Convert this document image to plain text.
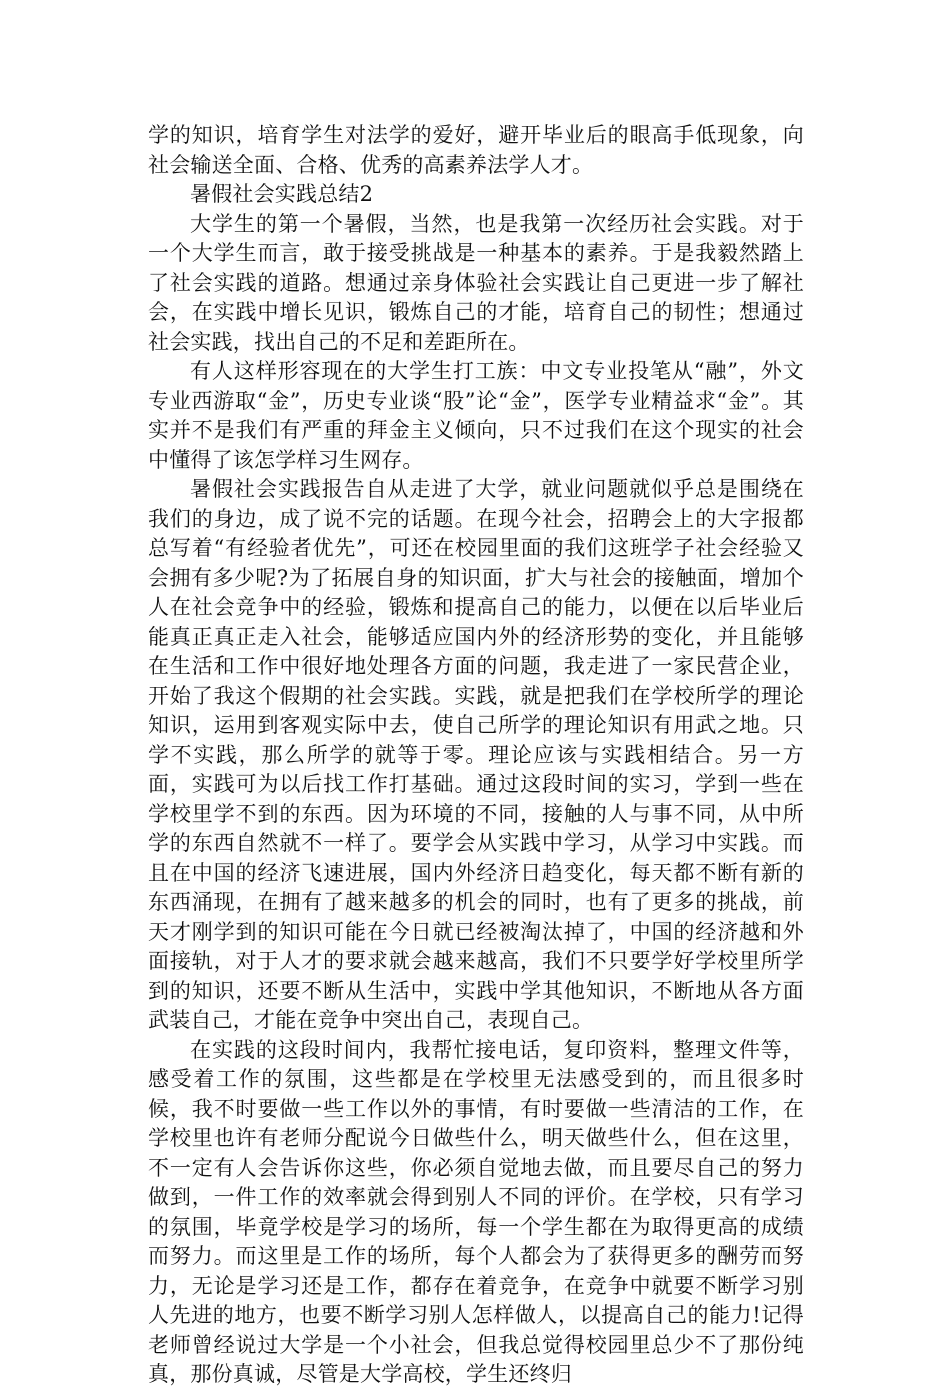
学的知识，培育学生对法学的爱好，避开毕业后的眼高手低现象，向社会输送全面、合格、优秀的高素养法学人才。

暑假社会实践总结2

大学生的第一个暑假，当然，也是我第一次经历社会实践。对于一个大学生而言，敢于接受挑战是一种基本的素养。于是我毅然踏上了社会实践的道路。想通过亲身体验社会实践让自己更进一步了解社会，在实践中增长见识，锻炼自己的才能，培育自己的韧性；想通过社会实践，找出自己的不足和差距所在。

有人这样形容现在的大学生打工族：中文专业投笔从“融”，外文专业西游取“金”，历史专业谈“股”论“金”，医学专业精益求“金”。其实并不是我们有严重的拜金主义倾向，只不过我们在这个现实的社会中懂得了该怎学样习生网存。

暑假社会实践报告自从走进了大学，就业问题就似乎总是围绕在我们的身边，成了说不完的话题。在现今社会，招聘会上的大字报都总写着“有经验者优先”，可还在校园里面的我们这班学子社会经验又会拥有多少呢?为了拓展自身的知识面，扩大与社会的接触面，增加个人在社会竞争中的经验，锻炼和提高自己的能力，以便在以后毕业后能真正真正走入社会，能够适应国内外的经济形势的变化，并且能够在生活和工作中很好地处理各方面的问题，我走进了一家民营企业，开始了我这个假期的社会实践。实践，就是把我们在学校所学的理论知识，运用到客观实际中去，使自己所学的理论知识有用武之地。只学不实践，那么所学的就等于零。理论应该与实践相结合。另一方面，实践可为以后找工作打基础。通过这段时间的实习，学到一些在学校里学不到的东西。因为环境的不同，接触的人与事不同，从中所学的东西自然就不一样了。要学会从实践中学习，从学习中实践。而且在中国的经济飞速进展，国内外经济日趋变化，每天都不断有新的东西涌现，在拥有了越来越多的机会的同时，也有了更多的挑战，前天才刚学到的知识可能在今日就已经被淘汰掉了，中国的经济越和外面接轨，对于人才的要求就会越来越高，我们不只要学好学校里所学到的知识，还要不断从生活中，实践中学其他知识，不断地从各方面武装自己，才能在竞争中突出自己，表现自己。

在实践的这段时间内，我帮忙接电话，复印资料，整理文件等，感受着工作的氛围，这些都是在学校里无法感受到的，而且很多时候，我不时要做一些工作以外的事情，有时要做一些清洁的工作，在学校里也许有老师分配说今日做些什么，明天做些什么，但在这里，不一定有人会告诉你这些，你必须自觉地去做，而且要尽自己的努力做到，一件工作的效率就会得到别人不同的评价。在学校，只有学习的氛围，毕竟学校是学习的场所，每一个学生都在为取得更高的成绩而努力。而这里是工作的场所，每个人都会为了获得更多的酬劳而努力，无论是学习还是工作，都存在着竞争，在竞争中就要不断学习别人先进的地方，也要不断学习别人怎样做人，以提高自己的能力!记得老师曾经说过大学是一个小社会，但我总觉得校园里总少不了那份纯真，那份真诚，尽管是大学高校，学生还终归
